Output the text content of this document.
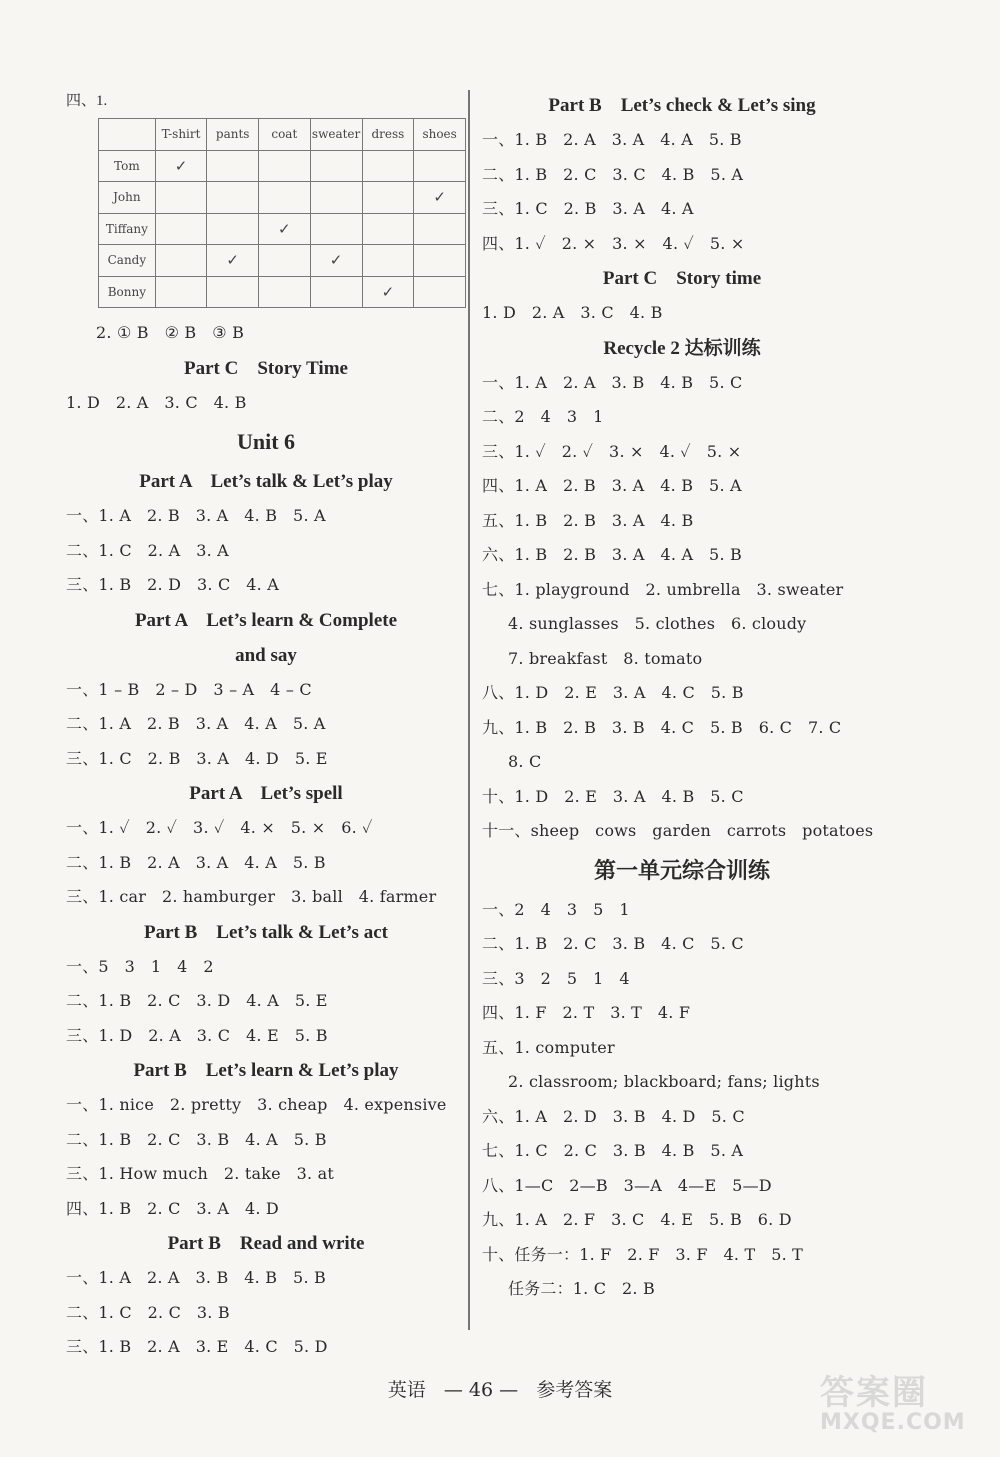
四、1.
	T-shirt	pants	coat	sweater	dress	shoes
Tom	✓					
John						✓
Tiffany			✓			
Candy		✓		✓		
Bonny					✓	
2. ① B   ② B   ③ B
Part C    Story Time
1. D   2. A   3. C   4. B
Unit 6
Part A    Let’s talk & Let’s play
一、1. A   2. B   3. A   4. B   5. A
二、1. C   2. A   3. A
三、1. B   2. D   3. C   4. A
Part A    Let’s learn & Complete
and say
一、1 – B   2 – D   3 – A   4 – C
二、1. A   2. B   3. A   4. A   5. A
三、1. C   2. B   3. A   4. D   5. E
Part A    Let’s spell
一、1. ✓   2. ✓   3. ✓   4. ×   5. ×   6. ✓
二、1. B   2. A   3. A   4. A   5. B
三、1. car   2. hamburger   3. ball   4. farmer
Part B    Let’s talk & Let’s act
一、5   3   1   4   2
二、1. B   2. C   3. D   4. A   5. E
三、1. D   2. A   3. C   4. E   5. B
Part B    Let’s learn & Let’s play
一、1. nice   2. pretty   3. cheap   4. expensive
二、1. B   2. C   3. B   4. A   5. B
三、1. How much   2. take   3. at
四、1. B   2. C   3. A   4. D
Part B    Read and write
一、1. A   2. A   3. B   4. B   5. B
二、1. C   2. C   3. B
三、1. B   2. A   3. E   4. C   5. D
Part B    Let’s check & Let’s sing
一、1. B   2. A   3. A   4. A   5. B
二、1. B   2. C   3. C   4. B   5. A
三、1. C   2. B   3. A   4. A
四、1. ✓   2. ×   3. ×   4. ✓   5. ×
Part C    Story time
1. D   2. A   3. C   4. B
Recycle 2 达标训练
一、1. A   2. A   3. B   4. B   5. C
二、2   4   3   1
三、1. ✓   2. ✓   3. ×   4. ✓   5. ×
四、1. A   2. B   3. A   4. B   5. A
五、1. B   2. B   3. A   4. B
六、1. B   2. B   3. A   4. A   5. B
七、1. playground   2. umbrella   3. sweater
4. sunglasses   5. clothes   6. cloudy
7. breakfast   8. tomato
八、1. D   2. E   3. A   4. C   5. B
九、1. B   2. B   3. B   4. C   5. B   6. C   7. C
8. C
十、1. D   2. E   3. A   4. B   5. C
十一、sheep   cows   garden   carrots   potatoes
第一单元综合训练
一、2   4   3   5   1
二、1. B   2. C   3. B   4. C   5. C
三、3   2   5   1   4
四、1. F   2. T   3. T   4. F
五、1. computer
2. classroom; blackboard; fans; lights
六、1. A   2. D   3. B   4. D   5. C
七、1. C   2. C   3. B   4. B   5. A
八、1—C   2—B   3—A   4—E   5—D
九、1. A   2. F   3. C   4. E   5. B   6. D
十、任务一：1. F   2. F   3. F   4. T   5. T
任务二：1. C   2. B
英语   — 46 —   参考答案	答案圈
MXQE.COM
